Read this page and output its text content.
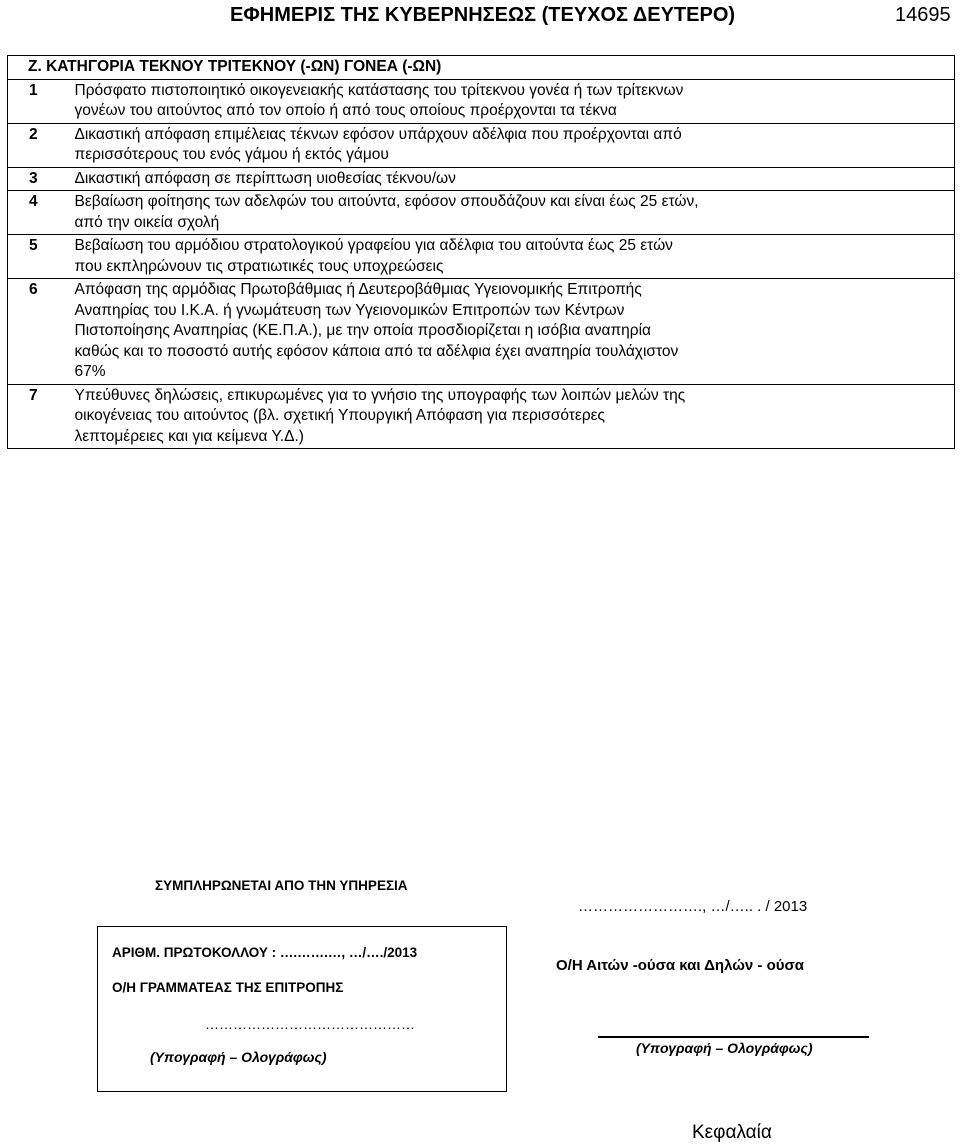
ΕΦΗΜΕΡΙΣ ΤΗΣ ΚΥΒΕΡΝΗΣΕΩΣ (ΤΕΥΧΟΣ ΔΕΥΤΕΡΟ)	14695
Ζ. ΚΑΤΗΓΟΡΙΑ ΤΕΚΝΟΥ ΤΡΙΤΕΚΝΟΥ (-ΩΝ) ΓΟΝΕΑ (-ΩΝ)	
1	Πρόσφατο πιστοποιητικό οικογενειακής κατάστασης του τρίτεκνου γονέα ή των τρίτεκνων
γονέων του αιτούντος από τον οποίο ή από τους οποίους προέρχονται τα τέκνα

2	Δικαστική απόφαση επιμέλειας τέκνων εφόσον υπάρχουν αδέλφια που προέρχονται από
περισσότερους του ενός γάμου ή εκτός γάμου

3	Δικαστική απόφαση σε περίπτωση υιοθεσίας τέκνου/ων

4	Βεβαίωση φοίτησης των αδελφών του αιτούντα, εφόσον σπουδάζουν και είναι έως 25 ετών,
από την οικεία σχολή

5	Βεβαίωση του αρμόδιου στρατολογικού γραφείου για αδέλφια του αιτούντα έως 25 ετών
που εκπληρώνουν τις στρατιωτικές τους υποχρεώσεις

6	Απόφαση της αρμόδιας Πρωτοβάθμιας ή Δευτεροβάθμιας Υγειονομικής Επιτροπής
Αναπηρίας του Ι.Κ.Α. ή γνωμάτευση των Υγειονομικών Επιτροπών των Κέντρων
Πιστοποίησης Αναπηρίας (ΚΕ.Π.Α.), με την οποία προσδιορίζεται η ισόβια αναπηρία
καθώς και το ποσοστό αυτής εφόσον κάποια από τα αδέλφια έχει αναπηρία τουλάχιστον
67%

7	Υπεύθυνες δηλώσεις, επικυρωμένες για το γνήσιο της υπογραφής των λοιπών μελών της
οικογένειας του αιτούντος (βλ. σχετική Υπουργική Απόφαση για περισσότερες
λεπτομέρειες και για κείμενα Υ.Δ.)
ΣΥΜΠΛΗΡΩΝΕΤΑΙ ΑΠΟ ΤΗΝ ΥΠΗΡΕΣΙΑ
……………………., …/….. . / 2013
ΑΡΙΘΜ. ΠΡΩΤΟΚΟΛΛΟΥ : ….…….…, …/…./2013
Ο/Η ΓΡΑΜΜΑΤΕΑΣ ΤΗΣ ΕΠΙΤΡΟΠΗΣ
………………………………………
(Υπογραφή – Ολογράφως)
Ο/Η Αιτών -ούσα και Δηλών - ούσα
(Υπογραφή – Ολογράφως)
Κεφαλαία
